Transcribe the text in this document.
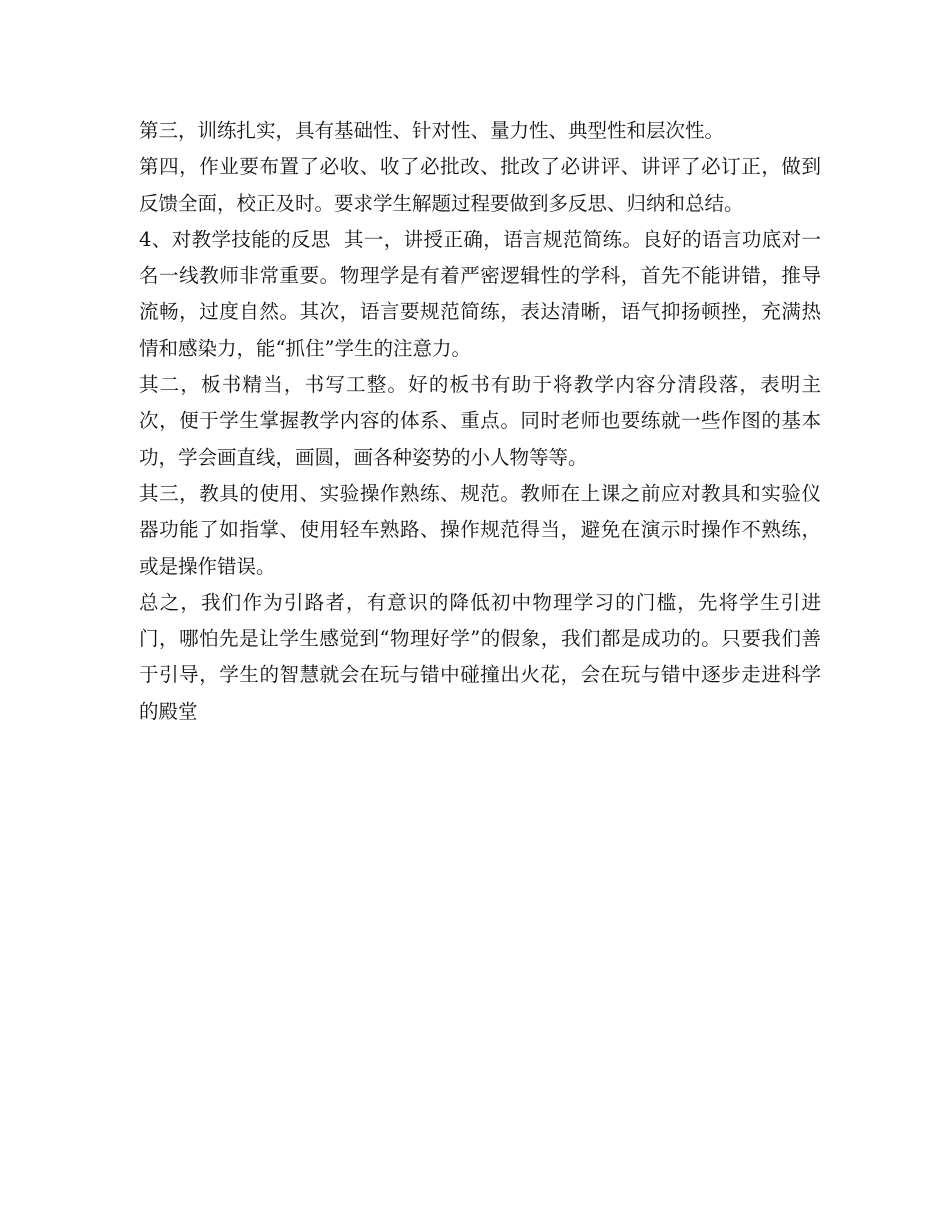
第三，训练扎实，具有基础性、针对性、量力性、典型性和层次性。

第四，作业要布置了必收、收了必批改、批改了必讲评、讲评了必订正，做到反馈全面，校正及时。要求学生解题过程要做到多反思、归纳和总结。

4、对教学技能的反思  其一，讲授正确，语言规范简练。良好的语言功底对一名一线教师非常重要。物理学是有着严密逻辑性的学科，首先不能讲错，推导流畅，过度自然。其次，语言要规范简练，表达清晰，语气抑扬顿挫，充满热情和感染力，能“抓住”学生的注意力。

其二，板书精当，书写工整。好的板书有助于将教学内容分清段落，表明主次，便于学生掌握教学内容的体系、重点。同时老师也要练就一些作图的基本功，学会画直线，画圆，画各种姿势的小人物等等。

其三，教具的使用、实验操作熟练、规范。教师在上课之前应对教具和实验仪器功能了如指掌、使用轻车熟路、操作规范得当，避免在演示时操作不熟练，或是操作错误。

总之，我们作为引路者，有意识的降低初中物理学习的门槛，先将学生引进门，哪怕先是让学生感觉到“物理好学”的假象，我们都是成功的。只要我们善于引导，学生的智慧就会在玩与错中碰撞出火花，会在玩与错中逐步走进科学的殿堂
